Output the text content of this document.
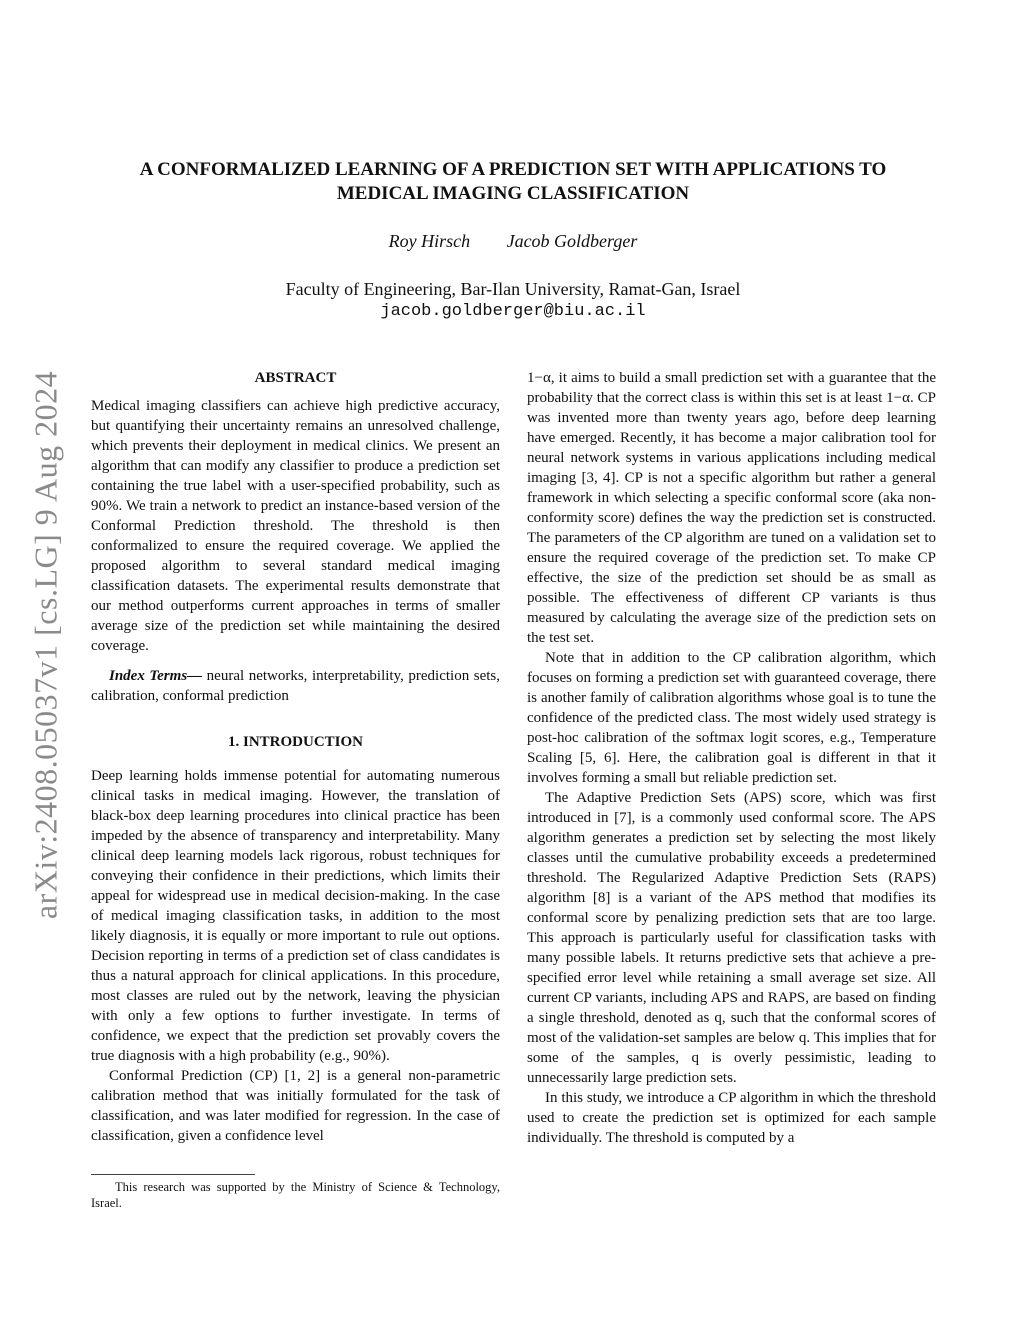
arXiv:2408.05037v1 [cs.LG] 9 Aug 2024
A CONFORMALIZED LEARNING OF A PREDICTION SET WITH APPLICATIONS TO
MEDICAL IMAGING CLASSIFICATION
Roy Hirsch Jacob Goldberger
Faculty of Engineering, Bar-Ilan University, Ramat-Gan, Israel
jacob.goldberger@biu.ac.il
ABSTRACT

Medical imaging classifiers can achieve high predictive accuracy, but quantifying their uncertainty remains an unresolved challenge, which prevents their deployment in medical clinics. We present an algorithm that can modify any classifier to produce a prediction set containing the true label with a user-specified probability, such as 90%. We train a network to predict an instance-based version of the Conformal Prediction threshold. The threshold is then conformalized to ensure the required coverage. We applied the proposed algorithm to several standard medical imaging classification datasets. The experimental results demonstrate that our method outperforms current approaches in terms of smaller average size of the prediction set while maintaining the desired coverage.

Index Terms— neural networks, interpretability, prediction sets, calibration, conformal prediction

1. INTRODUCTION

Deep learning holds immense potential for automating numerous clinical tasks in medical imaging. However, the translation of black-box deep learning procedures into clinical practice has been impeded by the absence of transparency and interpretability. Many clinical deep learning models lack rigorous, robust techniques for conveying their confidence in their predictions, which limits their appeal for widespread use in medical decision-making. In the case of medical imaging classification tasks, in addition to the most likely diagnosis, it is equally or more important to rule out options. Decision reporting in terms of a prediction set of class candidates is thus a natural approach for clinical applications. In this procedure, most classes are ruled out by the network, leaving the physician with only a few options to further investigate. In terms of confidence, we expect that the prediction set provably covers the true diagnosis with a high probability (e.g., 90%).

Conformal Prediction (CP) [1, 2] is a general non-parametric calibration method that was initially formulated for the task of classification, and was later modified for regression. In the case of classification, given a confidence level

1−α, it aims to build a small prediction set with a guarantee that the probability that the correct class is within this set is at least 1−α. CP was invented more than twenty years ago, before deep learning have emerged. Recently, it has become a major calibration tool for neural network systems in various applications including medical imaging [3, 4]. CP is not a specific algorithm but rather a general framework in which selecting a specific conformal score (aka non-conformity score) defines the way the prediction set is constructed. The parameters of the CP algorithm are tuned on a validation set to ensure the required coverage of the prediction set. To make CP effective, the size of the prediction set should be as small as possible. The effectiveness of different CP variants is thus measured by calculating the average size of the prediction sets on the test set.

Note that in addition to the CP calibration algorithm, which focuses on forming a prediction set with guaranteed coverage, there is another family of calibration algorithms whose goal is to tune the confidence of the predicted class. The most widely used strategy is post-hoc calibration of the softmax logit scores, e.g., Temperature Scaling [5, 6]. Here, the calibration goal is different in that it involves forming a small but reliable prediction set.

The Adaptive Prediction Sets (APS) score, which was first introduced in [7], is a commonly used conformal score. The APS algorithm generates a prediction set by selecting the most likely classes until the cumulative probability exceeds a predetermined threshold. The Regularized Adaptive Prediction Sets (RAPS) algorithm [8] is a variant of the APS method that modifies its conformal score by penalizing prediction sets that are too large. This approach is particularly useful for classification tasks with many possible labels. It returns predictive sets that achieve a pre-specified error level while retaining a small average set size. All current CP variants, including APS and RAPS, are based on finding a single threshold, denoted as q, such that the conformal scores of most of the validation-set samples are below q. This implies that for some of the samples, q is overly pessimistic, leading to unnecessarily large prediction sets.

In this study, we introduce a CP algorithm in which the threshold used to create the prediction set is optimized for each sample individually. The threshold is computed by a

This research was supported by the Ministry of Science & Technology, Israel.
